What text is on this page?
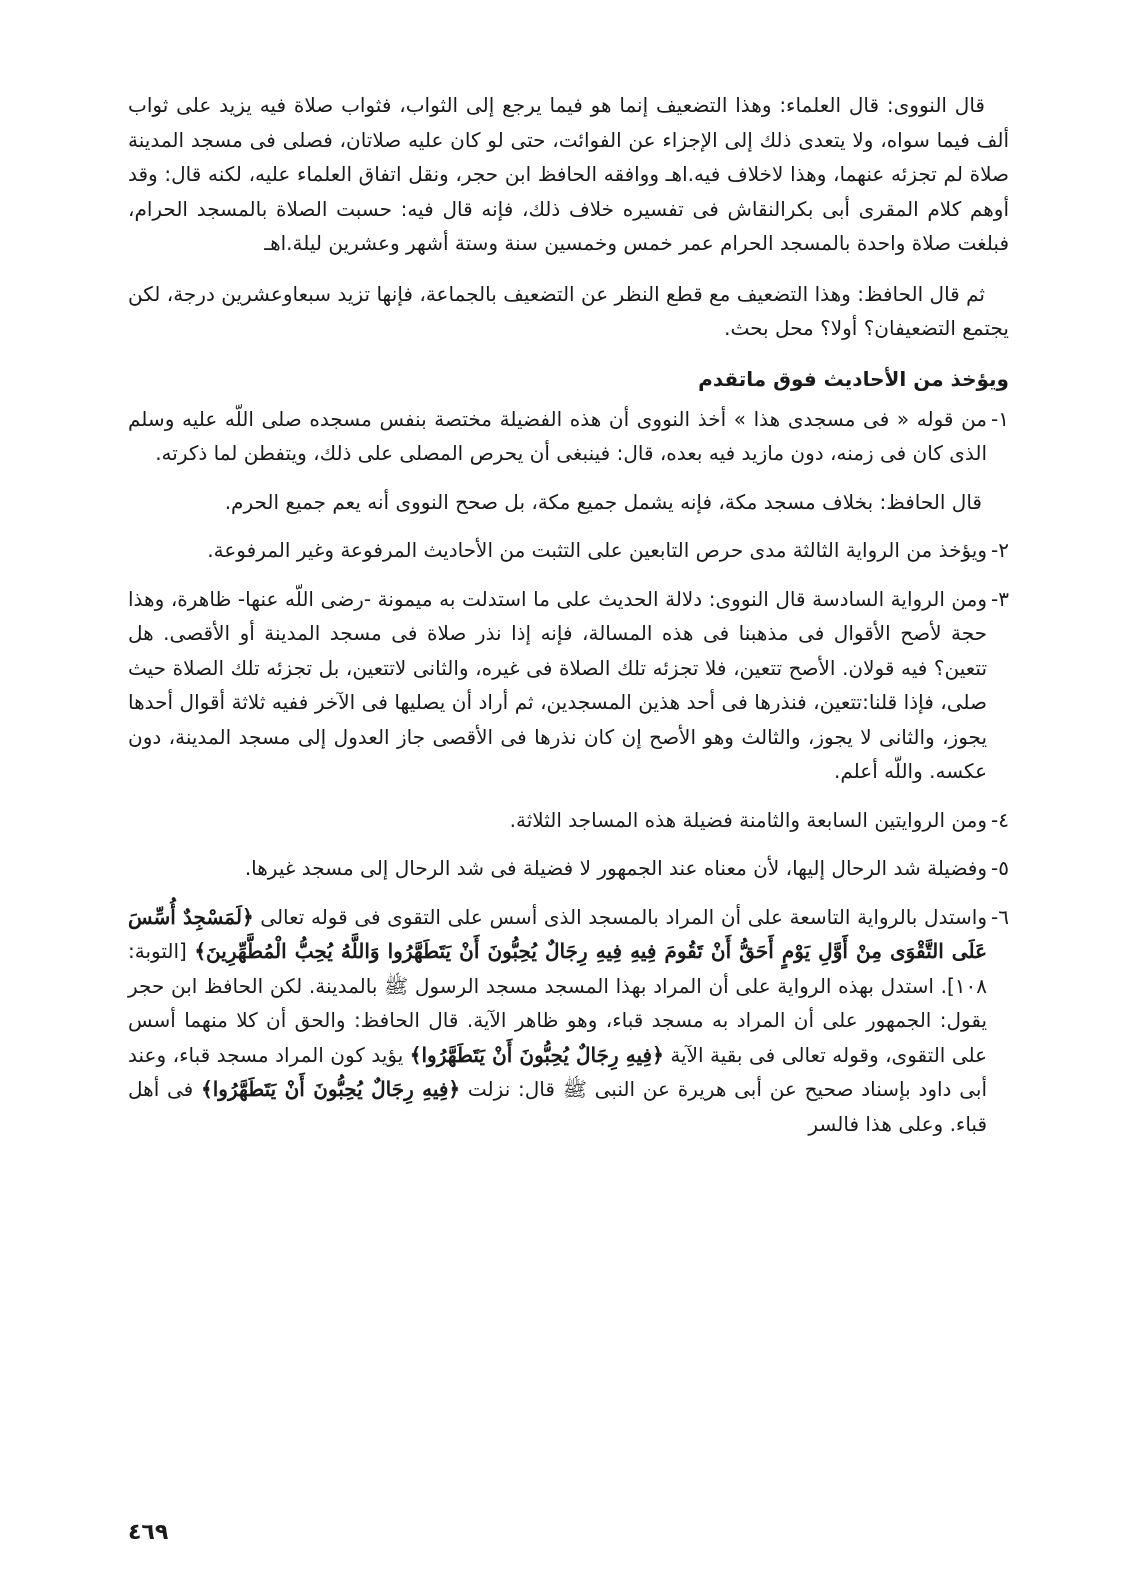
قال النووى: قال العلماء: وهذا التضعيف إنما هو فيما يرجع إلى الثواب، فثواب صلاة فيه يزيد على ثواب ألف فيما سواه، ولا يتعدى ذلك إلى الإجزاء عن الفوائت، حتى لو كان عليه صلاتان، فصلى فى مسجد المدينة صلاة لم تجزئه عنهما، وهذا لاخلاف فيه.اهـ ووافقه الحافظ ابن حجر، ونقل اتفاق العلماء عليه، لكنه قال: وقد أوهم كلام المقرى أبى بكرالنقاش فى تفسيره خلاف ذلك، فإنه قال فيه: حسبت الصلاة بالمسجد الحرام، فبلغت صلاة واحدة بالمسجد الحرام عمر خمس وخمسين سنة وستة أشهر وعشرين ليلة.اهـ

ثم قال الحافظ: وهذا التضعيف مع قطع النظر عن التضعيف بالجماعة، فإنها تزيد سبعاوعشرين درجة، لكن يجتمع التضعيفان؟ أولا؟ محل بحث.

ويؤخذ من الأحاديث فوق ماتقدم

١-

من قوله « فى مسجدى هذا » أخذ النووى أن هذه الفضيلة مختصة بنفس مسجده صلى اللّه عليه وسلم الذى كان فى زمنه، دون مازيد فيه بعده، قال: فينبغى أن يحرص المصلى على ذلك، ويتفطن لما ذكرته.

قال الحافظ: بخلاف مسجد مكة، فإنه يشمل جميع مكة، بل صحح النووى أنه يعم جميع الحرم.

٢-

ويؤخذ من الرواية الثالثة مدى حرص التابعين على التثبت من الأحاديث المرفوعة وغير المرفوعة.

٣-

ومن الرواية السادسة قال النووى: دلالة الحديث على ما استدلت به ميمونة -رضى اللّه عنها- ظاهرة، وهذا حجة لأصح الأقوال فى مذهبنا فى هذه المسالة، فإنه إذا نذر صلاة فى مسجد المدينة أو الأقصى. هل تتعين؟ فيه قولان. الأصح تتعين، فلا تجزئه تلك الصلاة فى غيره، والثانى لاتتعين، بل تجزئه تلك الصلاة حيث صلى، فإذا قلنا:تتعين، فنذرها فى أحد هذين المسجدين، ثم أراد أن يصليها فى الآخر ففيه ثلاثة أقوال أحدها يجوز، والثانى لا يجوز، والثالث وهو الأصح إن كان نذرها فى الأقصى جاز العدول إلى مسجد المدينة، دون عكسه. واللّه أعلم.

٤-

ومن الروايتين السابعة والثامنة فضيلة هذه المساجد الثلاثة.

٥-

وفضيلة شد الرحال إليها، لأن معناه عند الجمهور لا فضيلة فى شد الرحال إلى مسجد غيرها.

٦-

واستدل بالرواية التاسعة على أن المراد بالمسجد الذى أسس على التقوى فى قوله تعالى ﴿لَمَسْجِدٌ أُسِّسَ عَلَى التَّقْوَى مِنْ أَوَّلِ يَوْمٍ أَحَقُّ أَنْ تَقُومَ فِيهِ فِيهِ رِجَالٌ يُحِبُّونَ أَنْ يَتَطَهَّرُوا وَاللَّهُ يُحِبُّ الْمُطَّهِّرِينَ﴾ [التوبة: ١٠٨]. استدل بهذه الرواية على أن المراد بهذا المسجد مسجد الرسول ﷺ بالمدينة. لكن الحافظ ابن حجر يقول: الجمهور على أن المراد به مسجد قباء، وهو ظاهر الآية. قال الحافظ: والحق أن كلا منهما أسس على التقوى، وقوله تعالى فى بقية الآية ﴿فِيهِ رِجَالٌ يُحِبُّونَ أَنْ يَتَطَهَّرُوا﴾ يؤيد كون المراد مسجد قباء، وعند أبى داود بإسناد صحيح عن أبى هريرة عن النبى ﷺ قال: نزلت ﴿فِيهِ رِجَالٌ يُحِبُّونَ أَنْ يَتَطَهَّرُوا﴾ فى أهل قباء. وعلى هذا فالسر

٤٦٩
